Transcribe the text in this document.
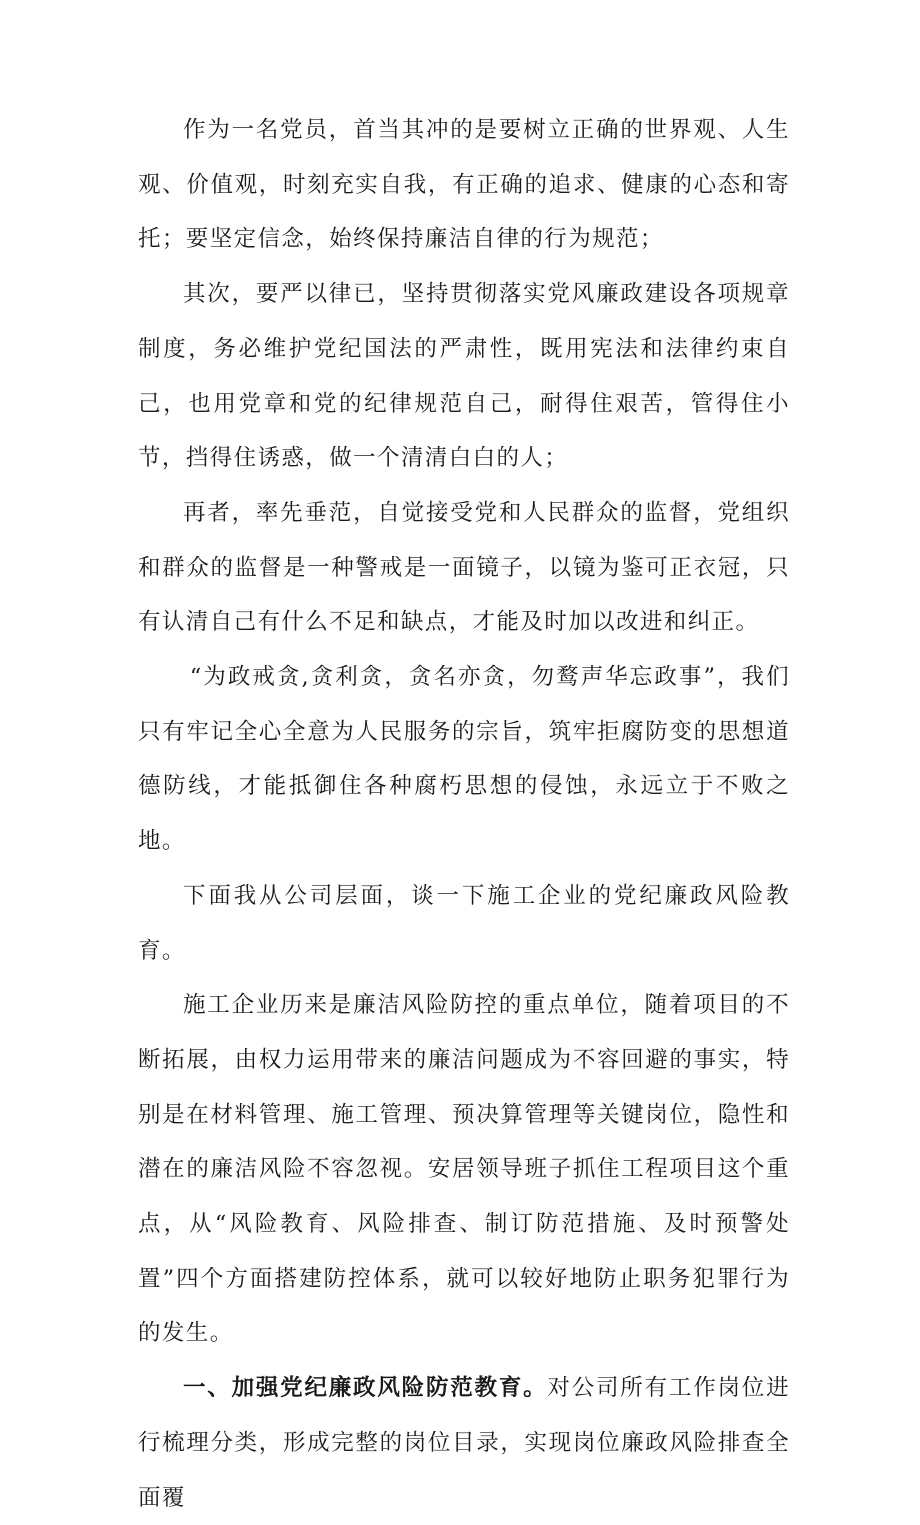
作为一名党员，首当其冲的是要树立正确的世界观、人生观、价值观，时刻充实自我，有正确的追求、健康的心态和寄托；要坚定信念，始终保持廉洁自律的行为规范；

其次，要严以律已，坚持贯彻落实党风廉政建设各项规章制度，务必维护党纪国法的严肃性，既用宪法和法律约束自己，也用党章和党的纪律规范自己，耐得住艰苦，管得住小节，挡得住诱惑，做一个清清白白的人；

再者，率先垂范，自觉接受党和人民群众的监督，党组织和群众的监督是一种警戒是一面镜子，以镜为鉴可正衣冠，只有认清自己有什么不足和缺点，才能及时加以改进和纠正。

“为政戒贪,贪利贪，贪名亦贪，勿鹜声华忘政事”，我们只有牢记全心全意为人民服务的宗旨，筑牢拒腐防变的思想道德防线，才能抵御住各种腐朽思想的侵蚀，永远立于不败之地。

下面我从公司层面，谈一下施工企业的党纪廉政风险教育。

施工企业历来是廉洁风险防控的重点单位，随着项目的不断拓展，由权力运用带来的廉洁问题成为不容回避的事实，特别是在材料管理、施工管理、预决算管理等关键岗位，隐性和潜在的廉洁风险不容忽视。安居领导班子抓住工程项目这个重点，从“风险教育、风险排查、制订防范措施、及时预警处置”四个方面搭建防控体系，就可以较好地防止职务犯罪行为的发生。

一、加强党纪廉政风险防范教育。对公司所有工作岗位进行梳理分类，形成完整的岗位目录，实现岗位廉政风险排查全面覆
